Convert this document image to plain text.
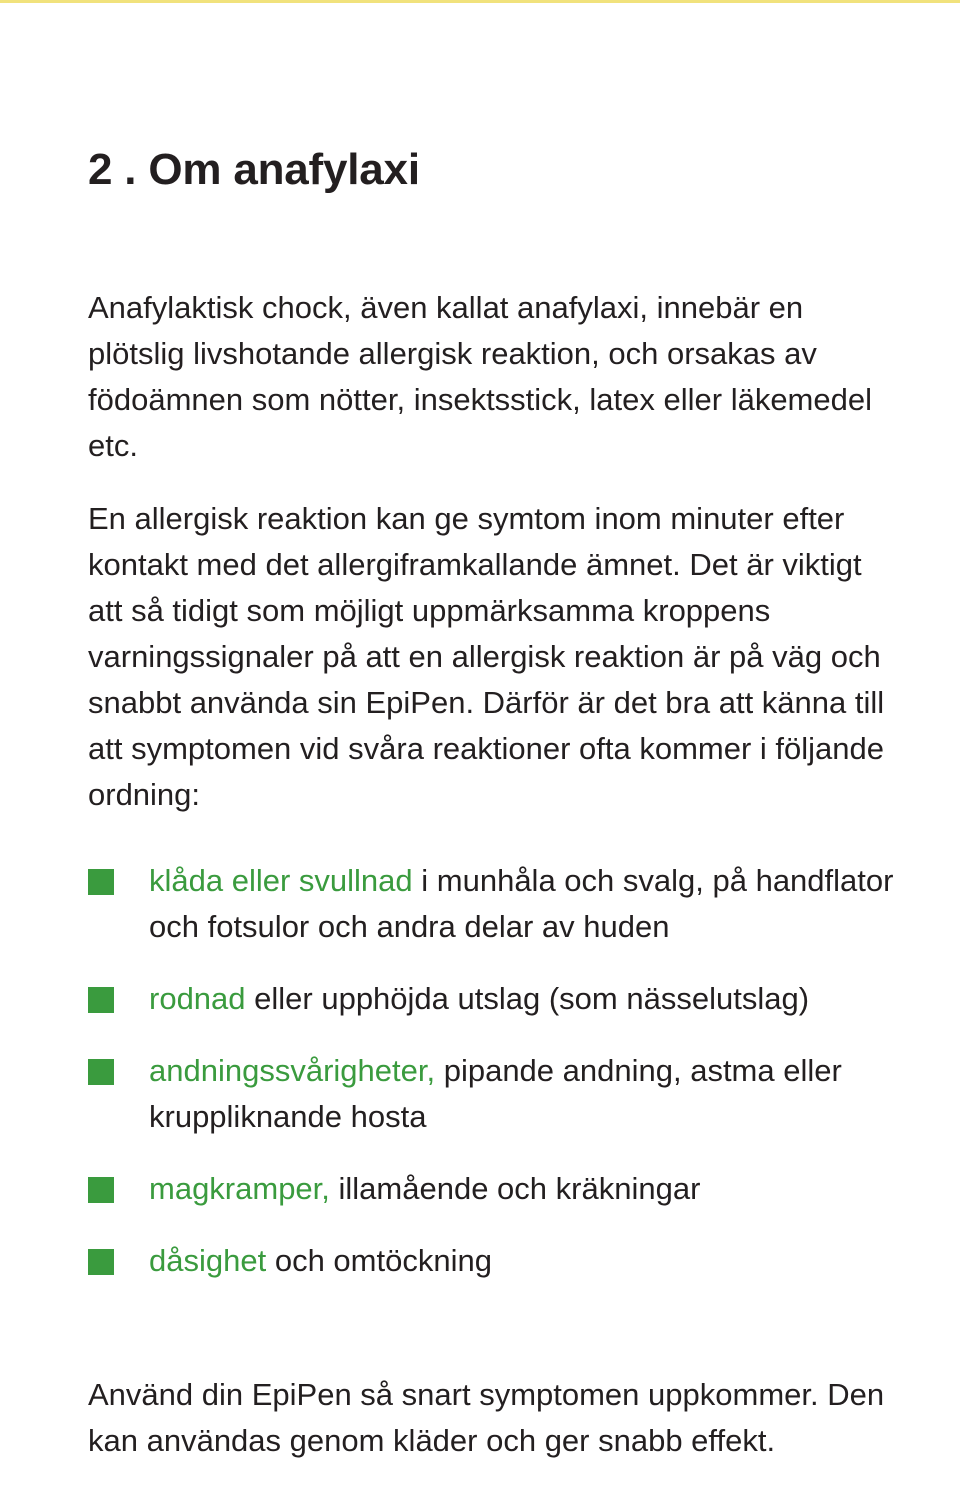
2 . Om anafylaxi

Anafylaktisk chock, även kallat anafylaxi, innebär en plötslig livshotande allergisk reaktion, och orsakas av födoämnen som nötter, insektsstick, latex eller läkemedel etc.

En allergisk reaktion kan ge symtom inom minuter efter kontakt med det allergiframkallande ämnet. Det är viktigt att så tidigt som möjligt uppmärksamma kroppens varningssignaler på att en allergisk reaktion är på väg och snabbt använda sin EpiPen. Därför är det bra att känna till att symptomen vid svåra reaktioner ofta kommer i följande ordning:

klåda eller svullnad i munhåla och svalg, på handflator och fotsulor och andra delar av huden
rodnad eller upphöjda utslag (som nässelutslag)
andningssvårigheter, pipande andning, astma eller kruppliknande hosta
magkramper, illamående och kräkningar
dåsighet och omtöckning

Använd din EpiPen så snart symptomen uppkommer. Den kan användas genom kläder och ger snabb effekt.
